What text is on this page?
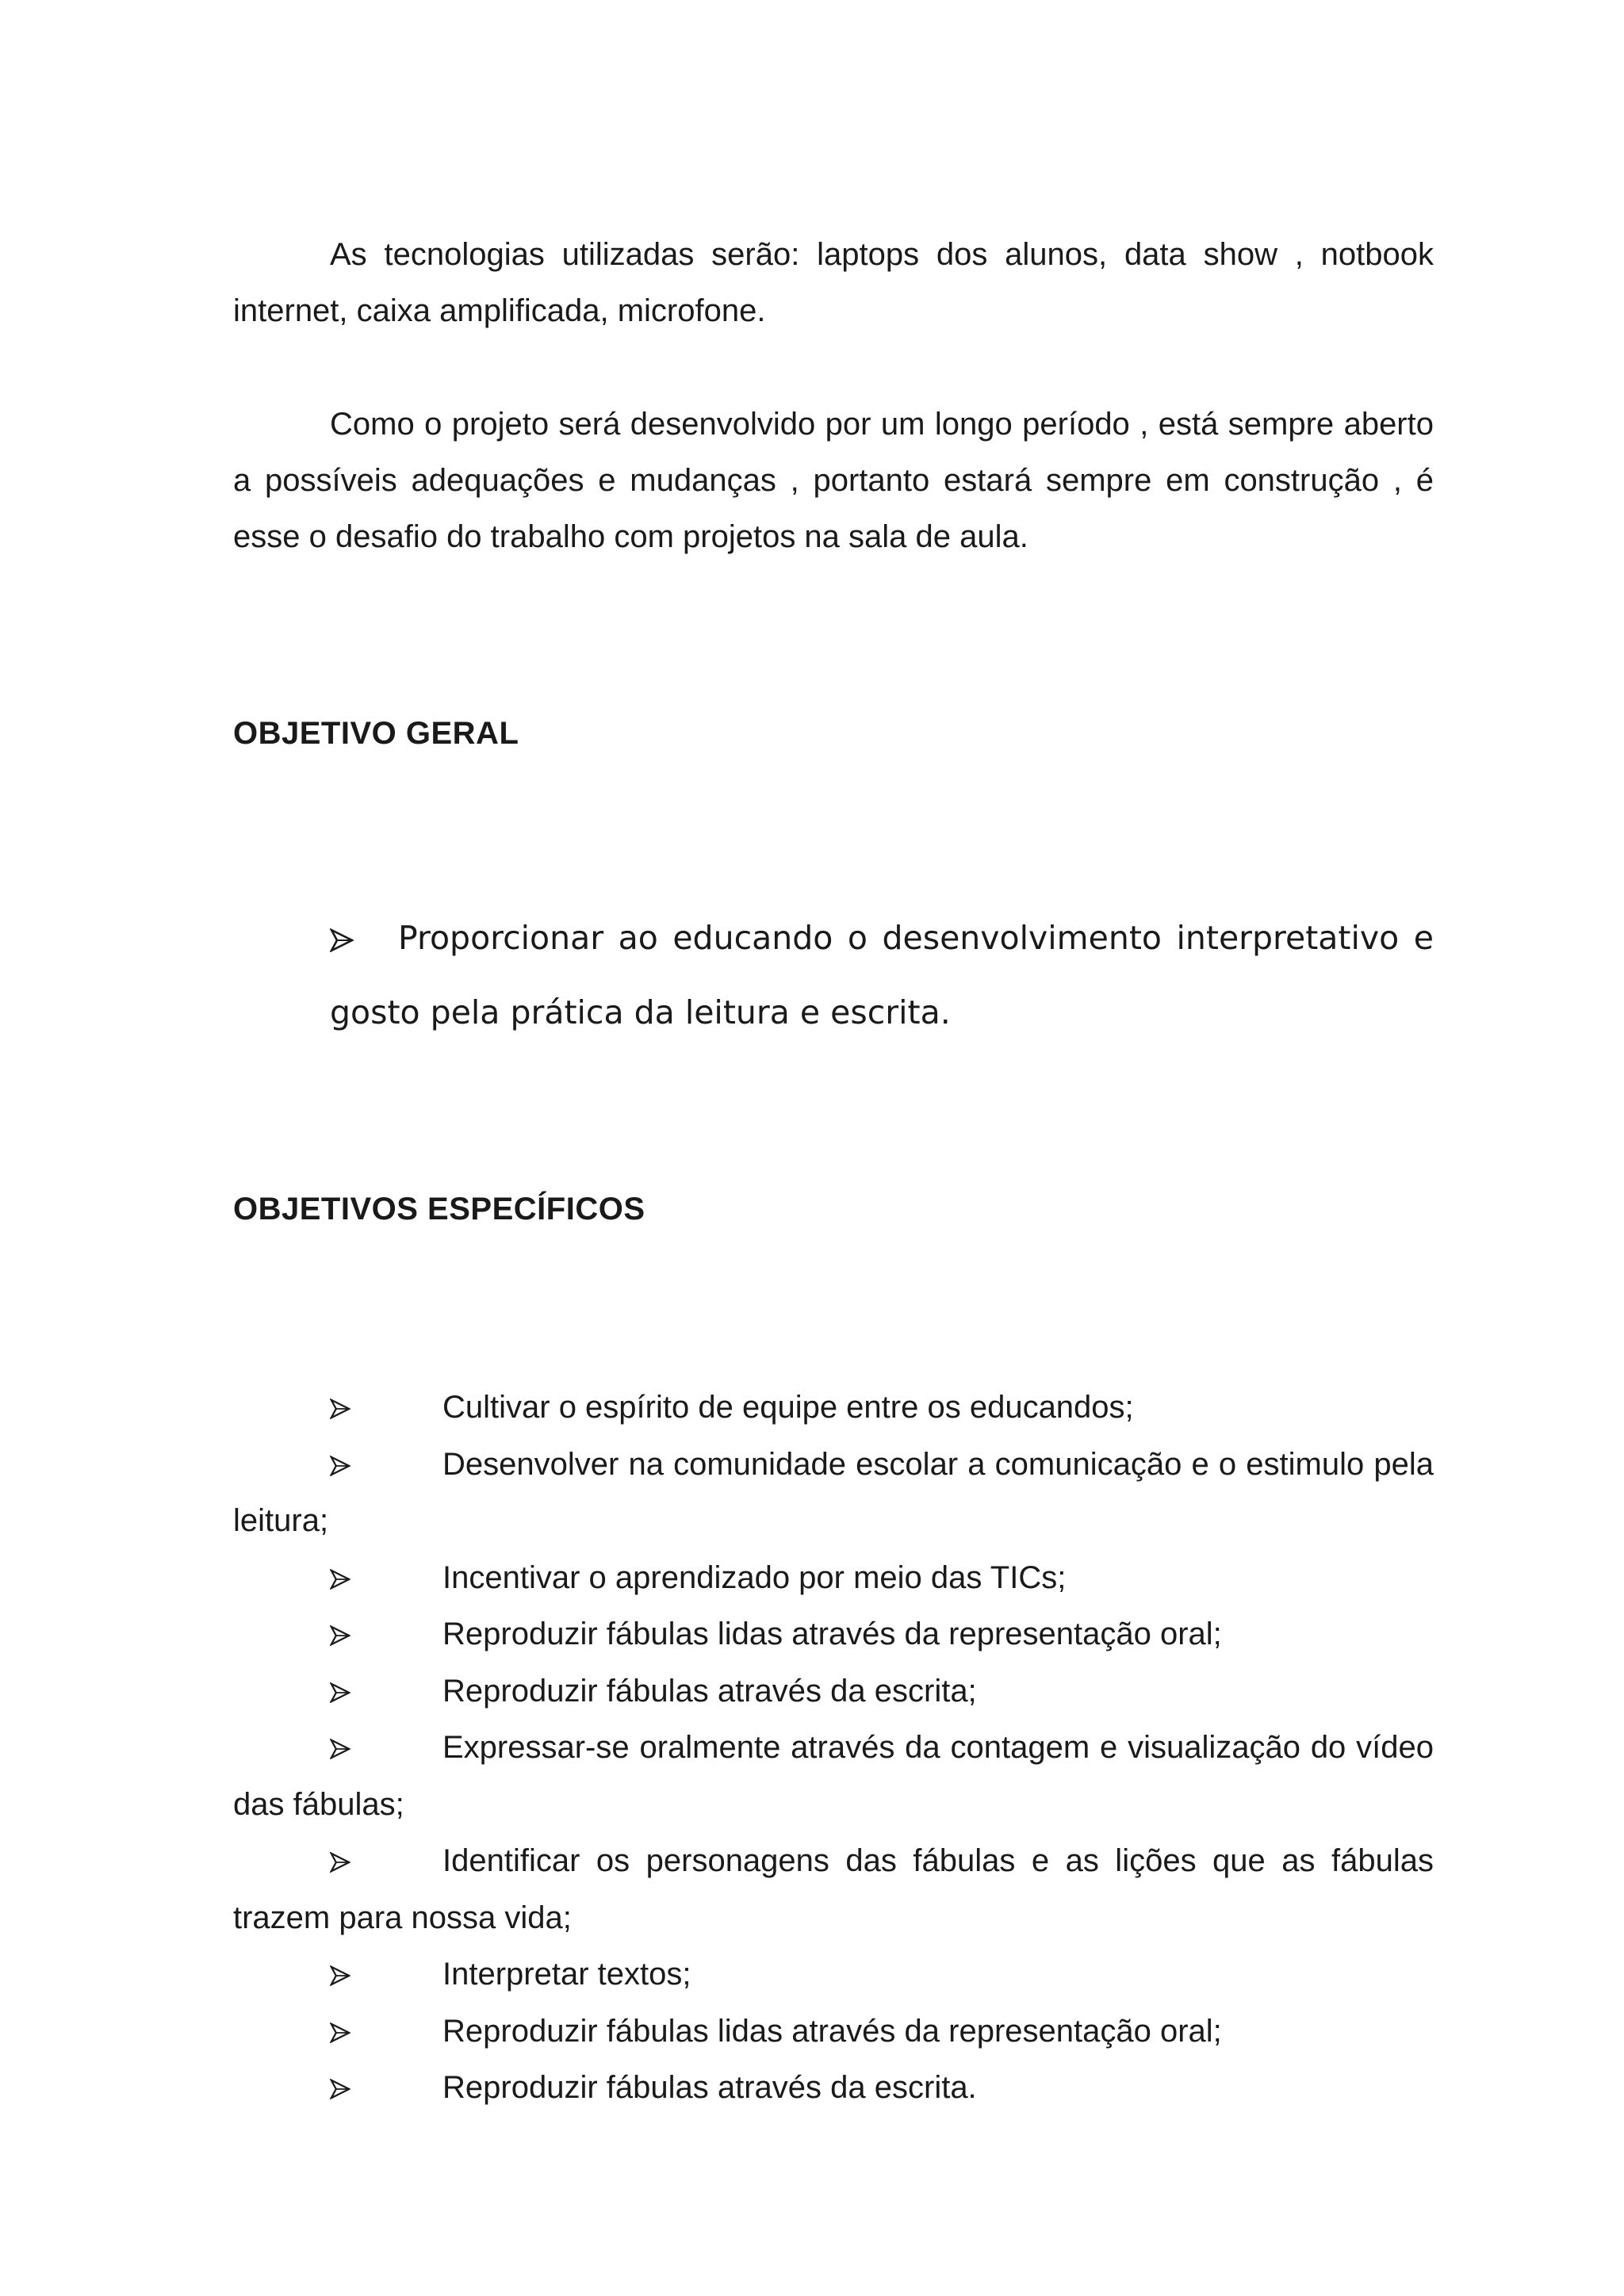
As tecnologias utilizadas serão: laptops dos alunos, data show , notbook internet, caixa amplificada, microfone.

Como o projeto será desenvolvido por um longo período , está sempre aberto a possíveis adequações e mudanças , portanto estará sempre em construção , é esse o desafio do trabalho com projetos na sala de aula.

OBJETIVO GERAL
Proporcionar ao educando o desenvolvimento interpretativo e
gosto pela prática da leitura e escrita.
OBJETIVOS ESPECÍFICOS
Cultivar o espírito de equipe entre os educandos;
Desenvolver na comunidade escolar a comunicação e o estimulo pela leitura;
Incentivar o aprendizado por meio das TICs;
Reproduzir fábulas lidas através da representação oral;
Reproduzir fábulas através da escrita;
Expressar-se oralmente através da contagem e visualização do vídeo das fábulas;
Identificar os personagens das fábulas e as lições que as fábulas trazem para nossa vida;
Interpretar textos;
Reproduzir fábulas lidas através da representação oral;
Reproduzir fábulas através da escrita.
